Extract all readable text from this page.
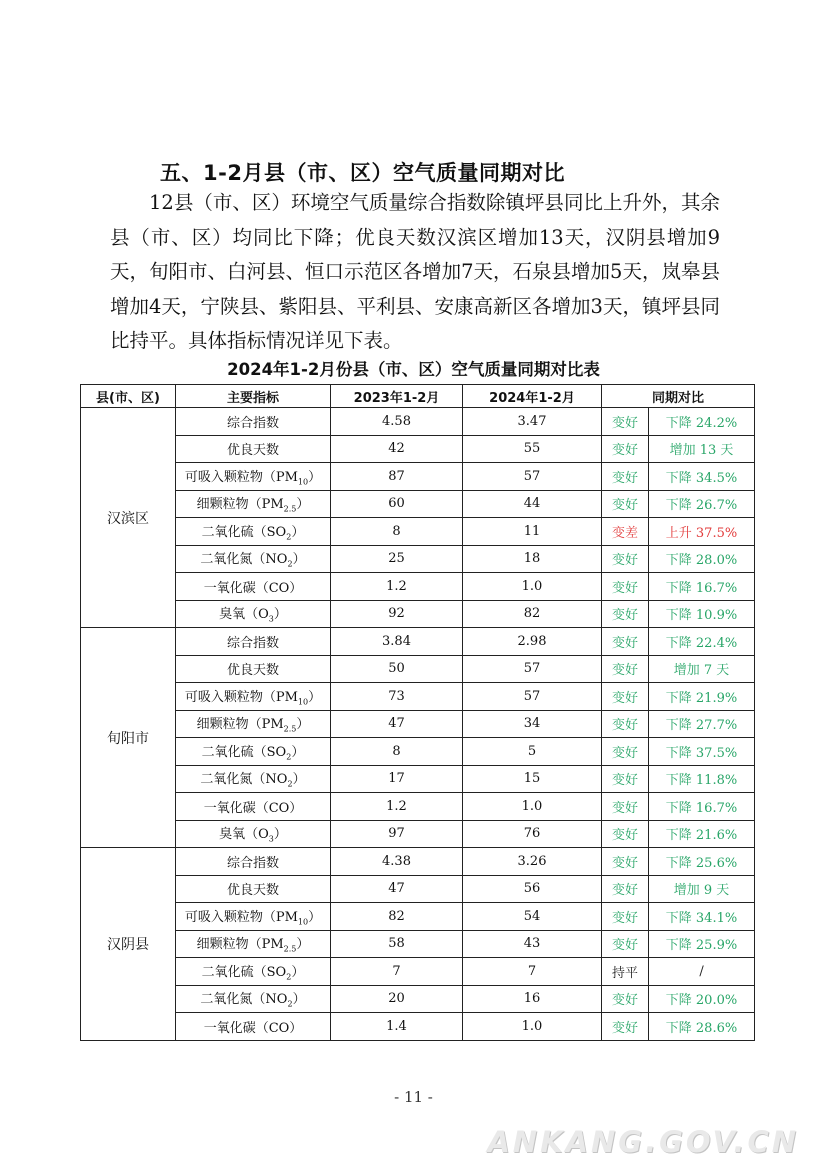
五、1-2月县（市、区）空气质量同期对比

12县（市、区）环境空气质量综合指数除镇坪县同比上升外，其余县（市、区）均同比下降；优良天数汉滨区增加13天，汉阴县增加9天，旬阳市、白河县、恒口示范区各增加7天，石泉县增加5天，岚皋县增加4天，宁陕县、紫阳县、平利县、安康高新区各增加3天，镇坪县同比持平。具体指标情况详见下表。

2024年1-2月份县（市、区）空气质量同期对比表
县(市、区)	主要指标	2023年1-2月	2024年1-2月	同期对比	
汉滨区	综合指数	4.58	3.47	变好	下降 24.2%
	优良天数	42	55	变好	增加 13 天
	可吸入颗粒物$(PM_{10})$	87	57	变好	下降 34.5%
	细颗粒物$(PM_{2.5})$	60	44	变好	下降 26.7%
	二氧化硫$(SO_2)$	8	11	变差	上升 37.5%
	二氧化氮$(NO_2)$	25	18	变好	下降 28.0%
	一氧化碳（CO）	1.2	1.0	变好	下降 16.7%
	臭氧$(O_3)$	92	82	变好	下降 10.9%
旬阳市	综合指数	3.84	2.98	变好	下降 22.4%
	优良天数	50	57	变好	增加 7 天
	可吸入颗粒物$(PM_{10})$	73	57	变好	下降 21.9%
	细颗粒物$(PM_{2.5})$	47	34	变好	下降 27.7%
	二氧化硫$(SO_2)$	8	5	变好	下降 37.5%
	二氧化氮$(NO_2)$	17	15	变好	下降 11.8%
	一氧化碳（CO）	1.2	1.0	变好	下降 16.7%
	臭氧$(O_3)$	97	76	变好	下降 21.6%
汉阴县	综合指数	4.38	3.26	变好	下降 25.6%
	优良天数	47	56	变好	增加 9 天
	可吸入颗粒物$(PM_{10})$	82	54	变好	下降 34.1%
	细颗粒物$(PM_{2.5})$	58	43	变好	下降 25.9%
	二氧化硫$(SO_2)$	7	7	持平	/
	二氧化氮$(NO_2)$	20	16	变好	下降 20.0%
	一氧化碳（CO）	1.4	1.0	变好	下降 28.6%
- 11 -
ANKANG.GOV.CN
